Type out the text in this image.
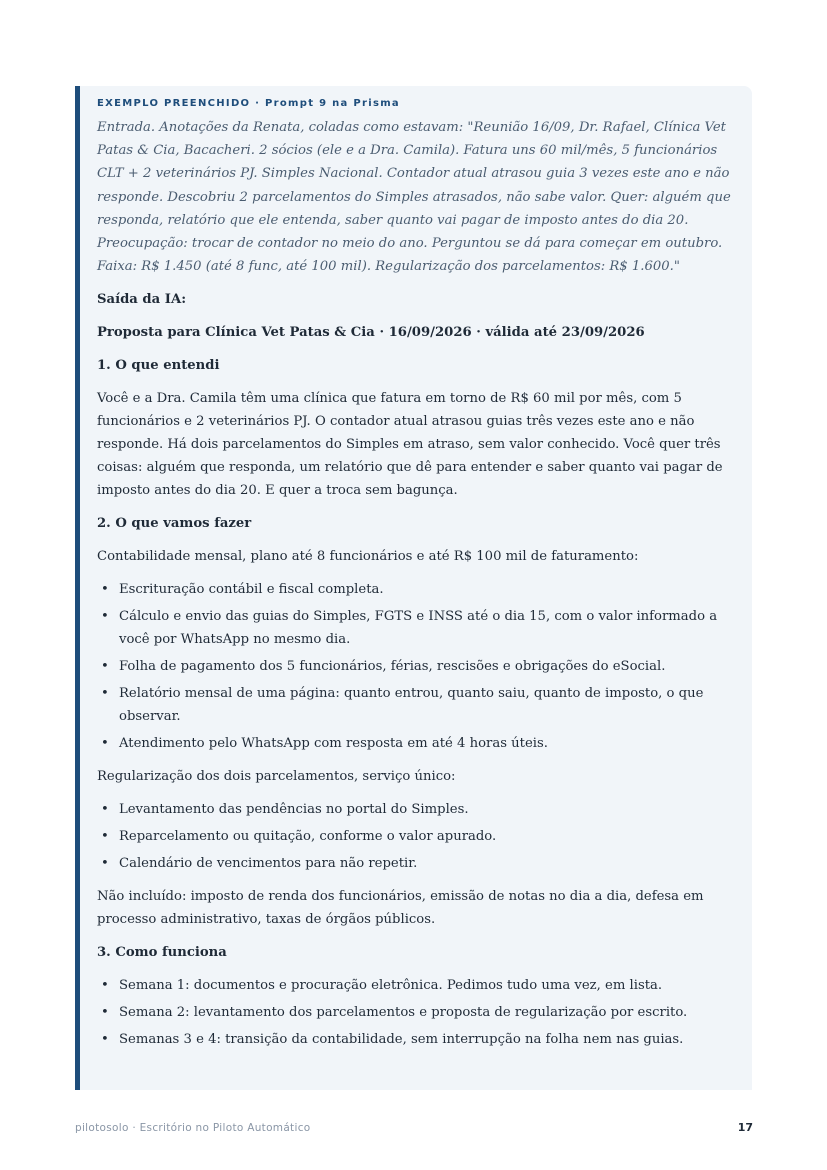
EXEMPLO PREENCHIDO · Prompt 9 na Prisma
Entrada. Anotações da Renata, coladas como estavam: "Reunião 16/09, Dr. Rafael, Clínica Vet Patas & Cia, Bacacheri. 2 sócios (ele e a Dra. Camila). Fatura uns 60 mil/mês, 5 funcionários CLT + 2 veterinários PJ. Simples Nacional. Contador atual atrasou guia 3 vezes este ano e não responde. Descobriu 2 parcelamentos do Simples atrasados, não sabe valor. Quer: alguém que responda, relatório que ele entenda, saber quanto vai pagar de imposto antes do dia 20. Preocupação: trocar de contador no meio do ano. Perguntou se dá para começar em outubro. Faixa: R$ 1.450 (até 8 func, até 100 mil). Regularização dos parcelamentos: R$ 1.600."
Saída da IA:
Proposta para Clínica Vet Patas & Cia · 16/09/2026 · válida até 23/09/2026
1. O que entendi
Você e a Dra. Camila têm uma clínica que fatura em torno de R$ 60 mil por mês, com 5 funcionários e 2 veterinários PJ. O contador atual atrasou guias três vezes este ano e não responde. Há dois parcelamentos do Simples em atraso, sem valor conhecido. Você quer três coisas: alguém que responda, um relatório que dê para entender e saber quanto vai pagar de imposto antes do dia 20. E quer a troca sem bagunça.
2. O que vamos fazer
Contabilidade mensal, plano até 8 funcionários e até R$ 100 mil de faturamento:
• Escrituração contábil e fiscal completa.
• Cálculo e envio das guias do Simples, FGTS e INSS até o dia 15, com o valor informado a você por WhatsApp no mesmo dia.
• Folha de pagamento dos 5 funcionários, férias, rescisões e obrigações do eSocial.
• Relatório mensal de uma página: quanto entrou, quanto saiu, quanto de imposto, o que observar.
• Atendimento pelo WhatsApp com resposta em até 4 horas úteis.
Regularização dos dois parcelamentos, serviço único:
• Levantamento das pendências no portal do Simples.
• Reparcelamento ou quitação, conforme o valor apurado.
• Calendário de vencimentos para não repetir.
Não incluído: imposto de renda dos funcionários, emissão de notas no dia a dia, defesa em processo administrativo, taxas de órgãos públicos.
3. Como funciona
• Semana 1: documentos e procuração eletrônica. Pedimos tudo uma vez, em lista.
• Semana 2: levantamento dos parcelamentos e proposta de regularização por escrito.
• Semanas 3 e 4: transição da contabilidade, sem interrupção na folha nem nas guias.
pilotosolo · Escritório no Piloto Automático	17
